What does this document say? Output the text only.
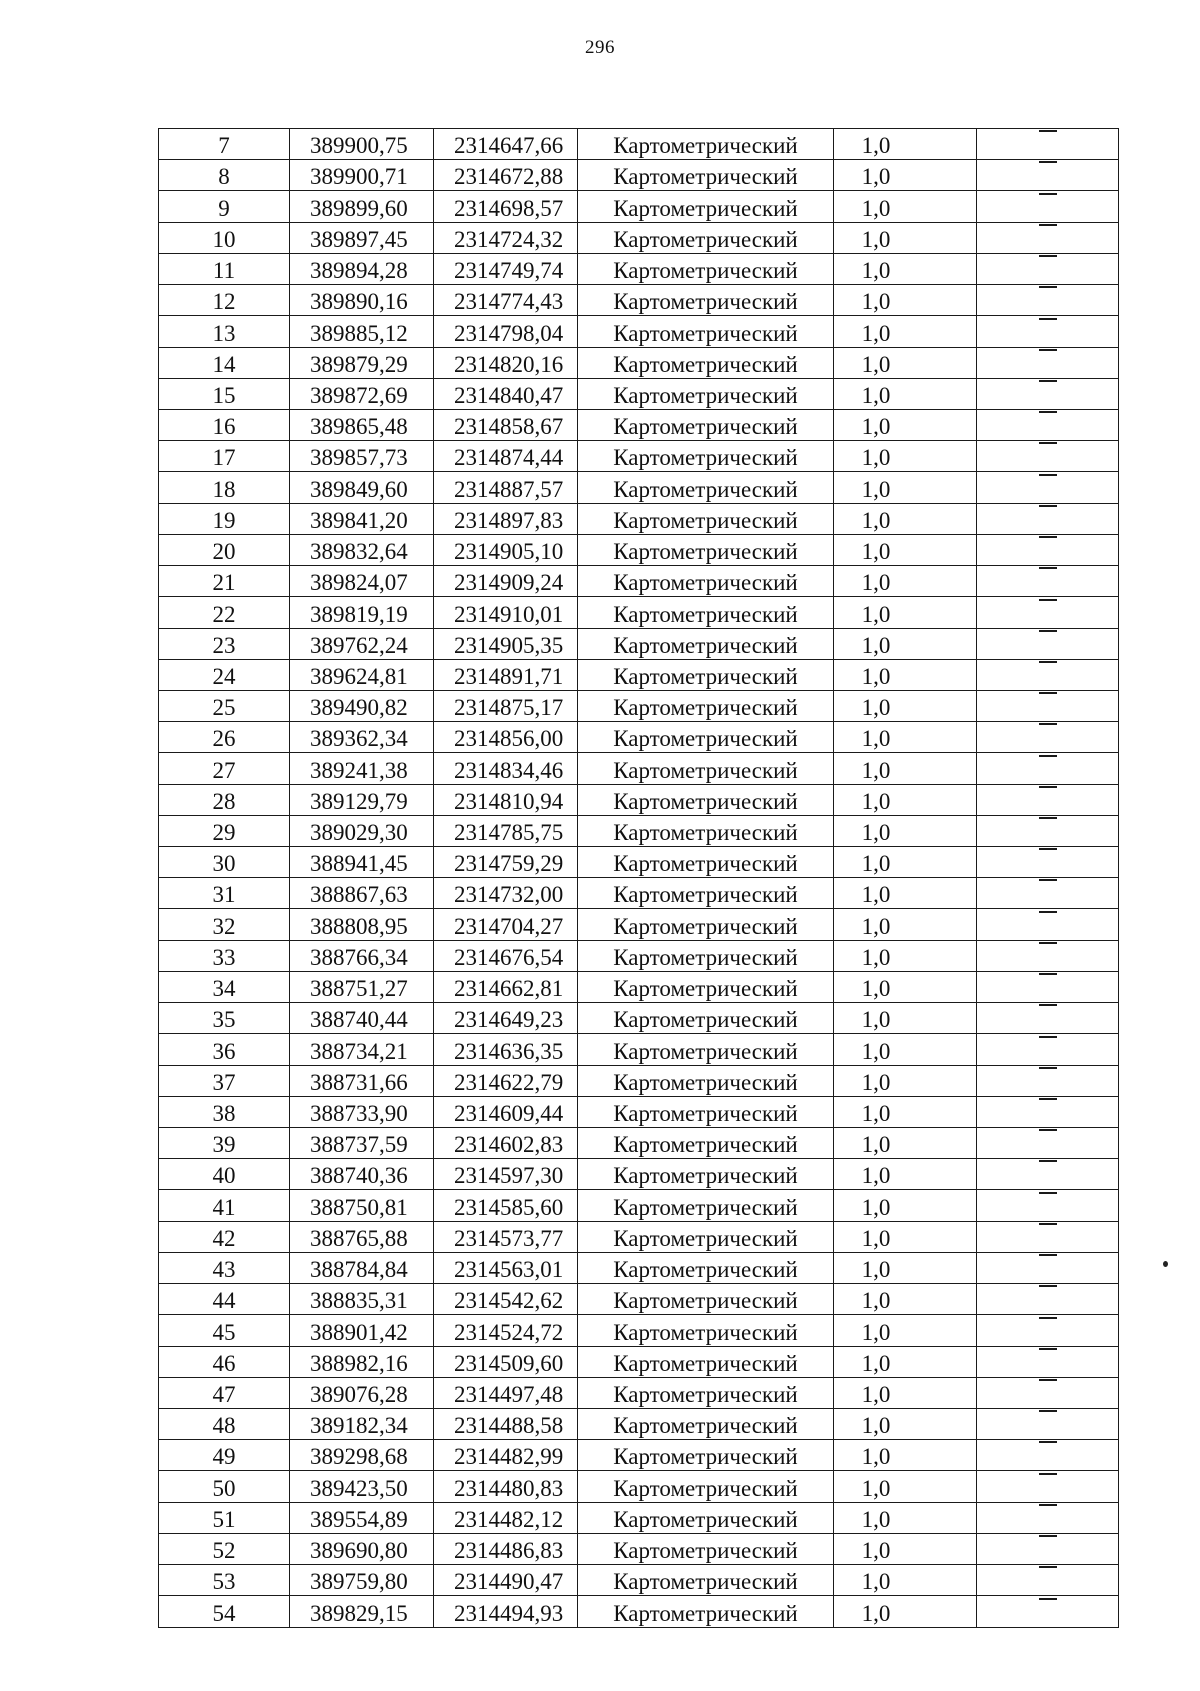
296
7	389900,75	2314647,66	Картометрический	1,0	
8	389900,71	2314672,88	Картометрический	1,0	
9	389899,60	2314698,57	Картометрический	1,0	
10	389897,45	2314724,32	Картометрический	1,0	
11	389894,28	2314749,74	Картометрический	1,0	
12	389890,16	2314774,43	Картометрический	1,0	
13	389885,12	2314798,04	Картометрический	1,0	
14	389879,29	2314820,16	Картометрический	1,0	
15	389872,69	2314840,47	Картометрический	1,0	
16	389865,48	2314858,67	Картометрический	1,0	
17	389857,73	2314874,44	Картометрический	1,0	
18	389849,60	2314887,57	Картометрический	1,0	
19	389841,20	2314897,83	Картометрический	1,0	
20	389832,64	2314905,10	Картометрический	1,0	
21	389824,07	2314909,24	Картометрический	1,0	
22	389819,19	2314910,01	Картометрический	1,0	
23	389762,24	2314905,35	Картометрический	1,0	
24	389624,81	2314891,71	Картометрический	1,0	
25	389490,82	2314875,17	Картометрический	1,0	
26	389362,34	2314856,00	Картометрический	1,0	
27	389241,38	2314834,46	Картометрический	1,0	
28	389129,79	2314810,94	Картометрический	1,0	
29	389029,30	2314785,75	Картометрический	1,0	
30	388941,45	2314759,29	Картометрический	1,0	
31	388867,63	2314732,00	Картометрический	1,0	
32	388808,95	2314704,27	Картометрический	1,0	
33	388766,34	2314676,54	Картометрический	1,0	
34	388751,27	2314662,81	Картометрический	1,0	
35	388740,44	2314649,23	Картометрический	1,0	
36	388734,21	2314636,35	Картометрический	1,0	
37	388731,66	2314622,79	Картометрический	1,0	
38	388733,90	2314609,44	Картометрический	1,0	
39	388737,59	2314602,83	Картометрический	1,0	
40	388740,36	2314597,30	Картометрический	1,0	
41	388750,81	2314585,60	Картометрический	1,0	
42	388765,88	2314573,77	Картометрический	1,0	
43	388784,84	2314563,01	Картометрический	1,0	
44	388835,31	2314542,62	Картометрический	1,0	
45	388901,42	2314524,72	Картометрический	1,0	
46	388982,16	2314509,60	Картометрический	1,0	
47	389076,28	2314497,48	Картометрический	1,0	
48	389182,34	2314488,58	Картометрический	1,0	
49	389298,68	2314482,99	Картометрический	1,0	
50	389423,50	2314480,83	Картометрический	1,0	
51	389554,89	2314482,12	Картометрический	1,0	
52	389690,80	2314486,83	Картометрический	1,0	
53	389759,80	2314490,47	Картометрический	1,0	
54	389829,15	2314494,93	Картометрический	1,0	
